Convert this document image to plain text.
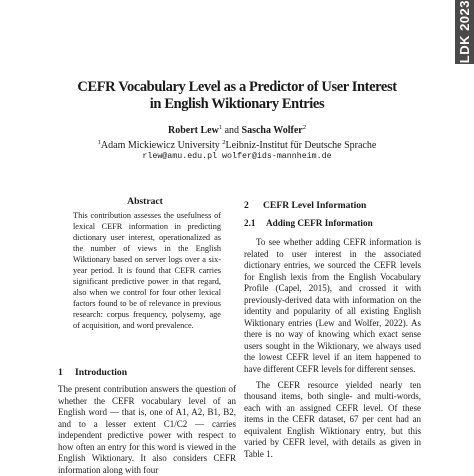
LDK 2023
CEFR Vocabulary Level as a Predictor of User Interest
in English Wiktionary Entries
Robert Lew$^1$ and Sascha Wolfer$^2$
$^1$Adam Mickiewicz University $^2$Leibniz-Institut für Deutsche Sprache
rlew@amu.edu.pl wolfer@ids-mannheim.de
Abstract

This contribution assesses the usefulness of lexical CEFR information in predicting dictionary user interest, operationalized as the number of views in the English Wiktionary based on server logs over a six-year period. It is found that CEFR carries significant predictive power in that regard, also when we control for four other lexical factors found to be of relevance in previous research: corpus frequency, polysemy, age of acquisition, and word prevalence.

1 Introduction

The present contribution answers the question of whether the CEFR vocabulary level of an English word — that is, one of A1, A2, B1, B2, and to a lesser extent C1/C2 — carries independent predictive power with respect to how often an entry for this word is viewed in the English Wiktionary. It also considers CEFR information along with four

2 CEFR Level Information
2.1 Adding CEFR Information

To see whether adding CEFR information is related to user interest in the associated dictionary entries, we sourced the CEFR levels for English lexis from the English Vocabulary Profile (Capel, 2015), and crossed it with previously-derived data with information on the identity and popularity of all existing English Wiktionary entries (Lew and Wolfer, 2022). As there is no way of knowing which exact sense users sought in the Wiktionary, we always used the lowest CEFR level if an item happened to have different CEFR levels for different senses.

The CEFR resource yielded nearly ten thousand items, both single- and multi-words, each with an assigned CEFR level. Of these items in the CEFR dataset, 67 per cent had an equivalent English Wiktionary entry, but this varied by CEFR level, with details as given in Table 1.
